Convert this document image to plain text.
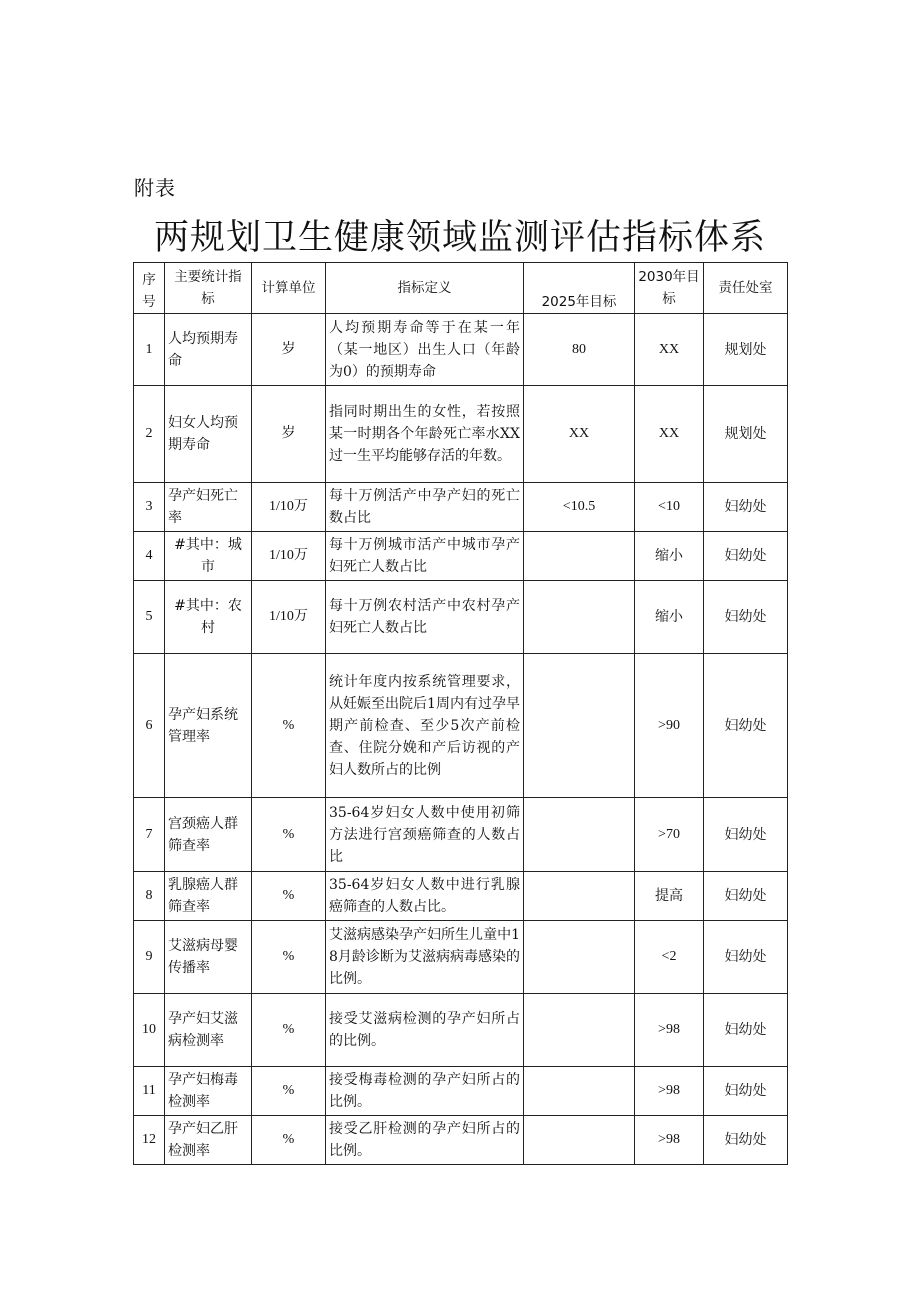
附表
两规划卫生健康领域监测评估指标体系
序号	主要统计指标	计算单位	指标定义	2025年目标	2030年目标	责任处室
1	人均预期寿命	岁	人均预期寿命等于在某一年（某一地区）出生人口（年龄为0）的预期寿命	80	XX	规划处
2	妇女人均预期寿命	岁	指同时期出生的女性，若按照某一时期各个年龄死亡率水XX过一生平均能够存活的年数。	XX	XX	规划处
3	孕产妇死亡率	1/10万	每十万例活产中孕产妇的死亡数占比	<10.5	<10	妇幼处
4	#其中：城市	1/10万	每十万例城市活产中城市孕产妇死亡人数占比		缩小	妇幼处
5	#其中：农村	1/10万	每十万例农村活产中农村孕产妇死亡人数占比		缩小	妇幼处
6	孕产妇系统管理率	%	统计年度内按系统管理要求，从妊娠至出院后1周内有过孕早期产前检查、至少5次产前检查、住院分娩和产后访视的产妇人数所占的比例		>90	妇幼处
7	宫颈癌人群筛查率	%	35-64岁妇女人数中使用初筛方法进行宫颈癌筛查的人数占比		>70	妇幼处
8	乳腺癌人群筛查率	%	35-64岁妇女人数中进行乳腺癌筛查的人数占比。		提高	妇幼处
9	艾滋病母婴传播率	%	艾滋病感染孕产妇所生儿童中18月龄诊断为艾滋病病毒感染的比例。		<2	妇幼处
10	孕产妇艾滋病检测率	%	接受艾滋病检测的孕产妇所占的比例。		>98	妇幼处
11	孕产妇梅毒检测率	%	接受梅毒检测的孕产妇所占的比例。		>98	妇幼处
12	孕产妇乙肝检测率	%	接受乙肝检测的孕产妇所占的比例。		>98	妇幼处
